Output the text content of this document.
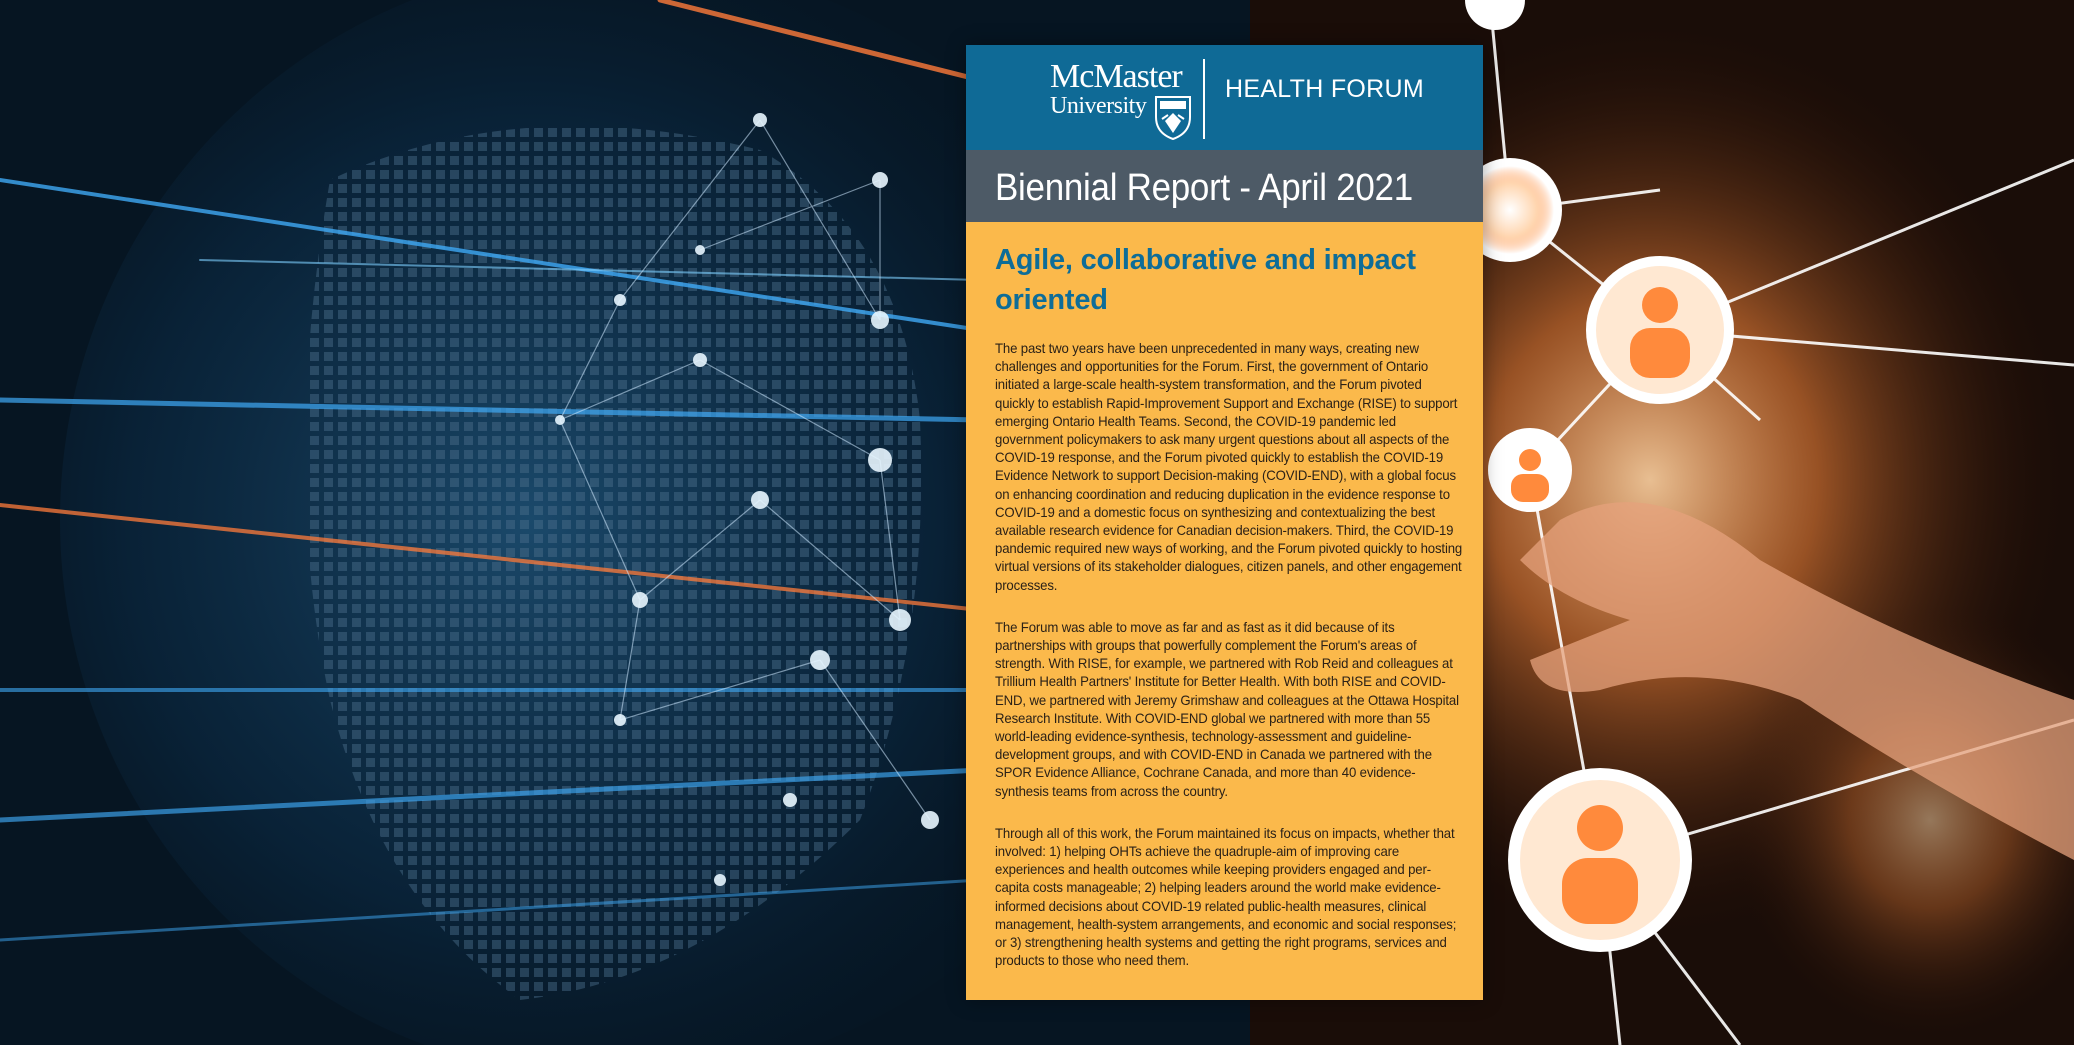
McMaster
University
HEALTH FORUM
Biennial Report - April 2021
Agile, collaborative and impact oriented

The past two years have been unprecedented in many ways, creating new challenges and opportunities for the Forum. First, the government of Ontario initiated a large-scale health-system transformation, and the Forum pivoted quickly to establish Rapid-Improvement Support and Exchange (RISE) to support emerging Ontario Health Teams. Second, the COVID-19 pandemic led government policymakers to ask many urgent questions about all aspects of the COVID-19 response, and the Forum pivoted quickly to establish the COVID-19 Evidence Network to support Decision-making (COVID-END), with a global focus on enhancing coordination and reducing duplication in the evidence response to COVID-19 and a domestic focus on synthesizing and contextualizing the best available research evidence for Canadian decision-makers. Third, the COVID-19 pandemic required new ways of working, and the Forum pivoted quickly to hosting virtual versions of its stakeholder dialogues, citizen panels, and other engagement processes.

The Forum was able to move as far and as fast as it did because of its partnerships with groups that powerfully complement the Forum's areas of strength. With RISE, for example, we partnered with Rob Reid and colleagues at Trillium Health Partners' Institute for Better Health. With both RISE and COVID-END, we partnered with Jeremy Grimshaw and colleagues at the Ottawa Hospital Research Institute. With COVID-END global we partnered with more than 55 world-leading evidence-synthesis, technology-assessment and guideline-development groups, and with COVID-END in Canada we partnered with the SPOR Evidence Alliance, Cochrane Canada, and more than 40 evidence-synthesis teams from across the country.

Through all of this work, the Forum maintained its focus on impacts, whether that involved: 1) helping OHTs achieve the quadruple-aim of improving care experiences and health outcomes while keeping providers engaged and per-capita costs manageable; 2) helping leaders around the world make evidence-informed decisions about COVID-19 related public-health measures, clinical management, health-system arrangements, and economic and social responses; or 3) strengthening health systems and getting the right programs, services and products to those who need them.
